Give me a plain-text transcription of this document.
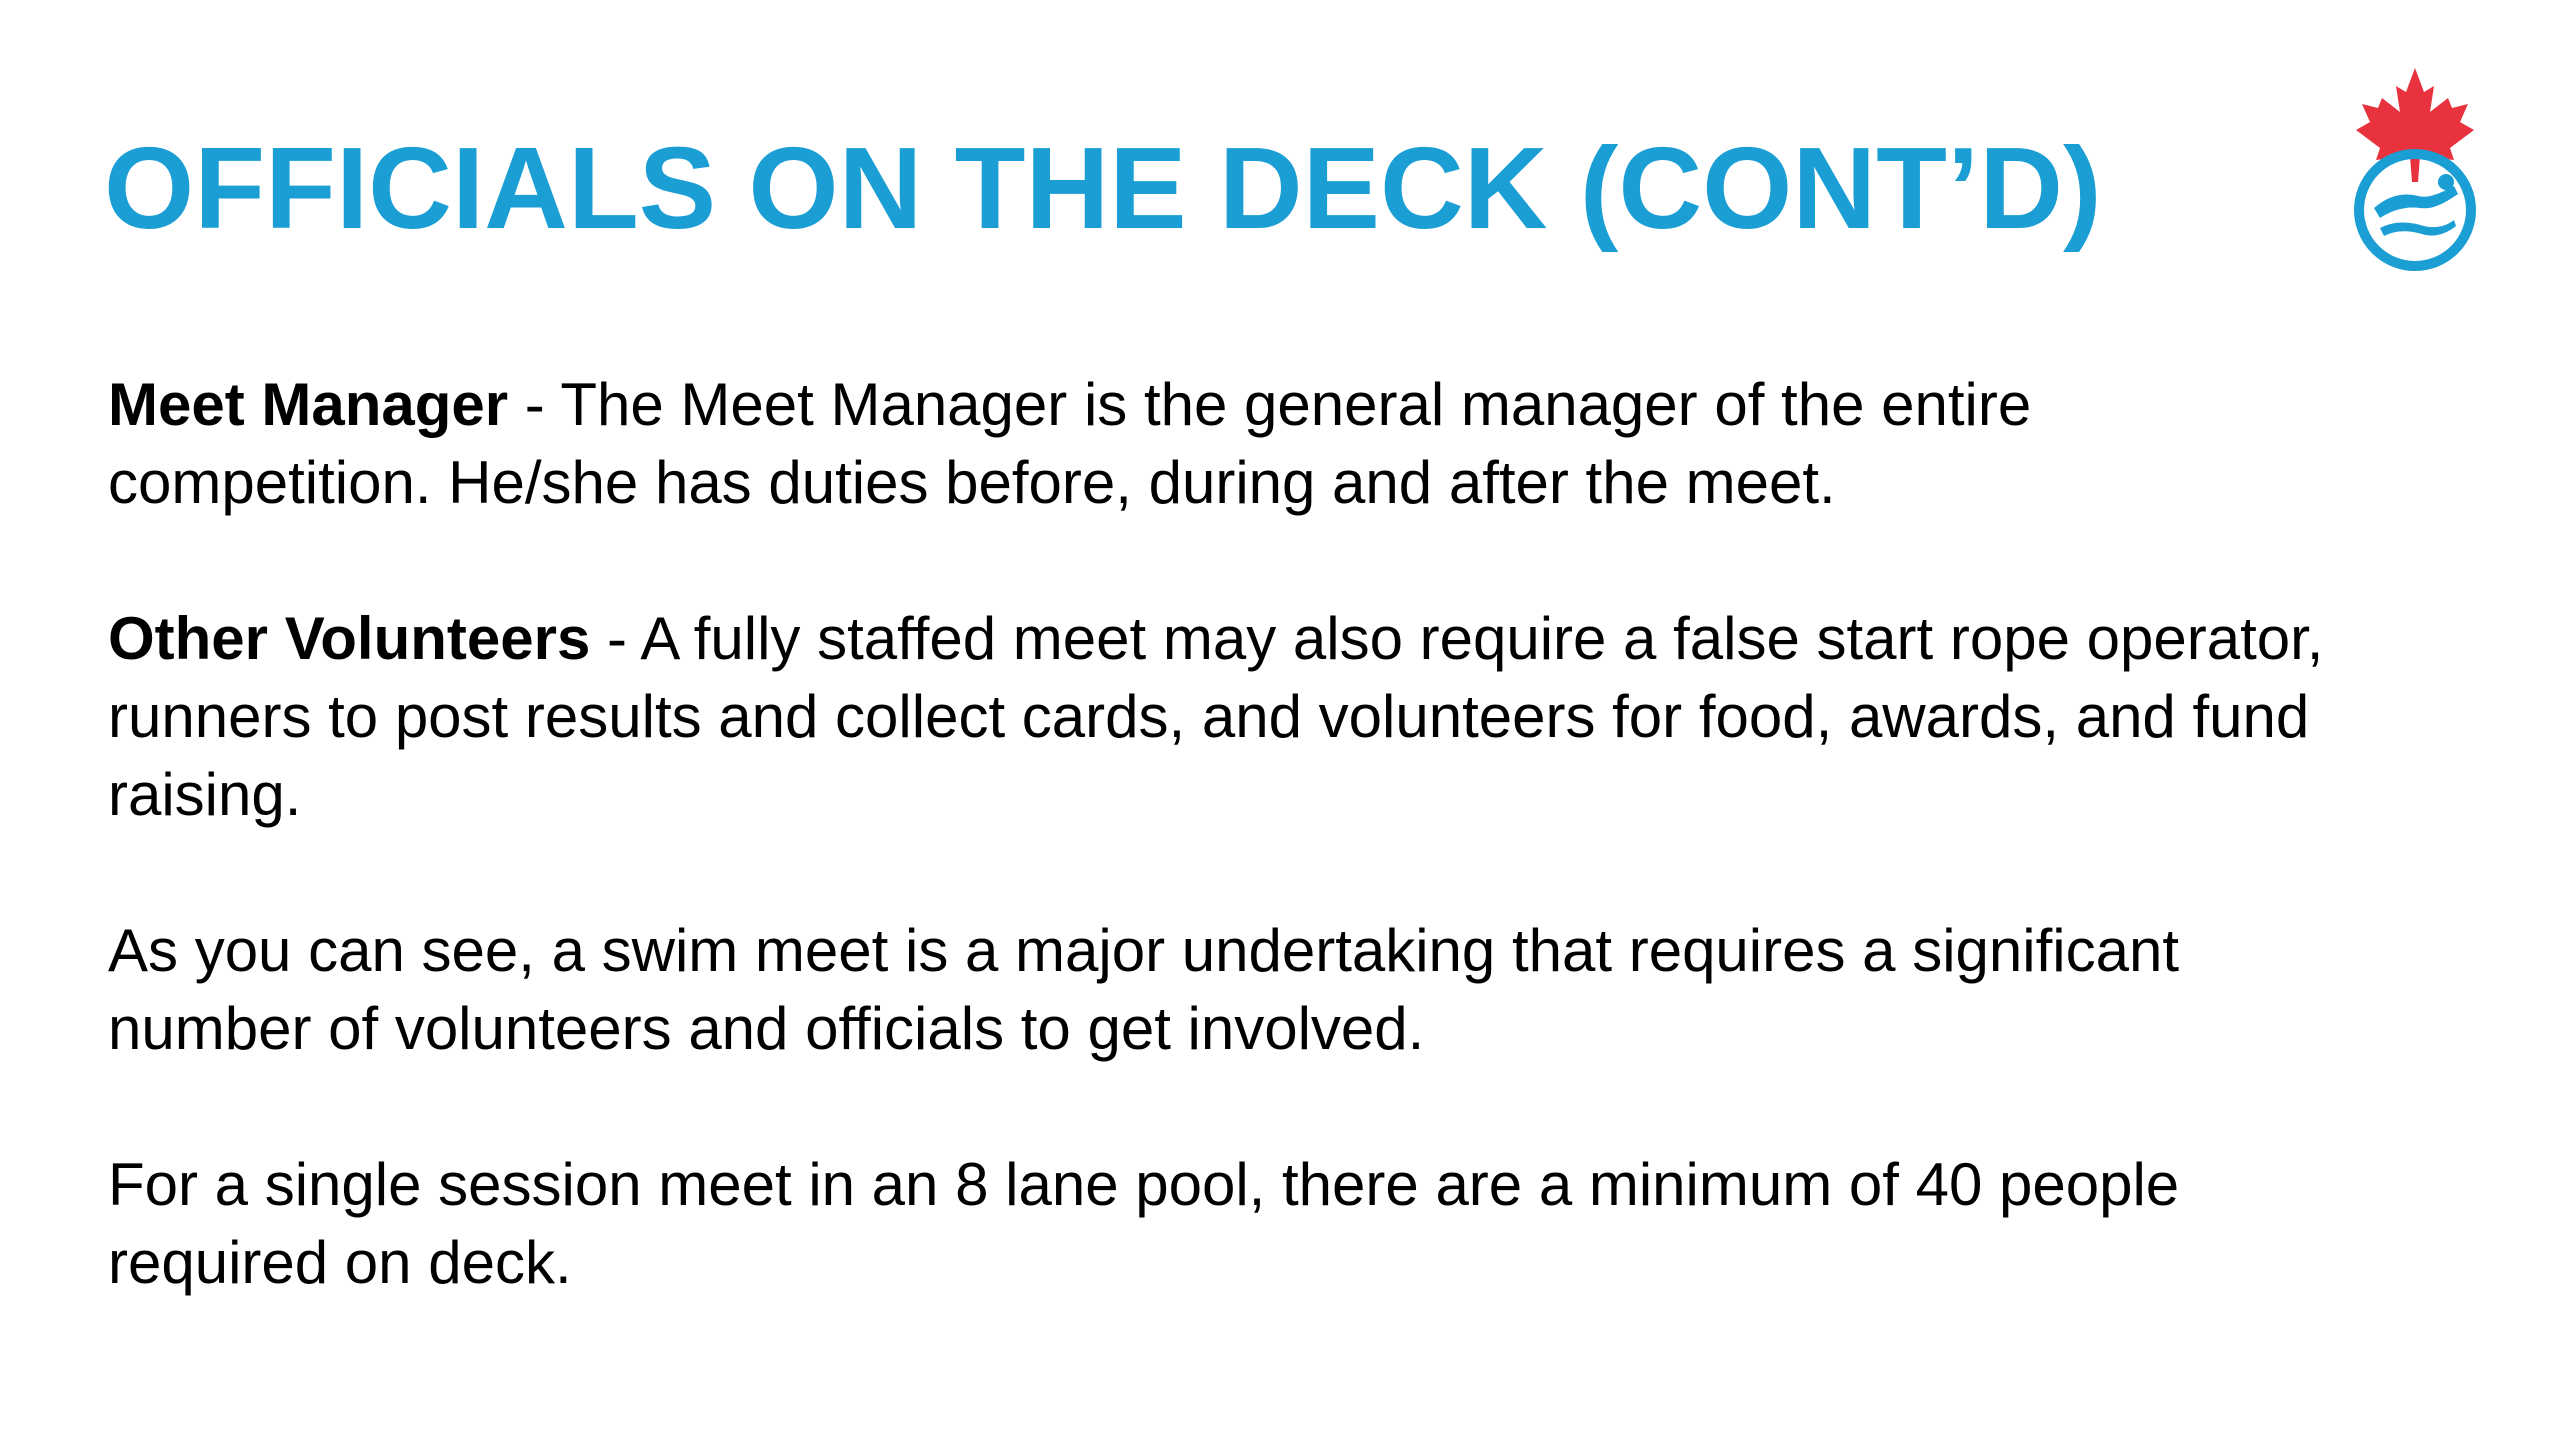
OFFICIALS ON THE DECK (CONT’D)

Meet Manager - The Meet Manager is the general manager of the entire competition. He/she has duties before, during and after the meet.

Other Volunteers - A fully staffed meet may also require a false start rope operator, runners to post results and collect cards, and volunteers for food, awards, and fund raising.

As you can see, a swim meet is a major undertaking that requires a significant number of volunteers and officials to get involved.

For a single session meet in an 8 lane pool, there are a minimum of 40 people required on deck.
